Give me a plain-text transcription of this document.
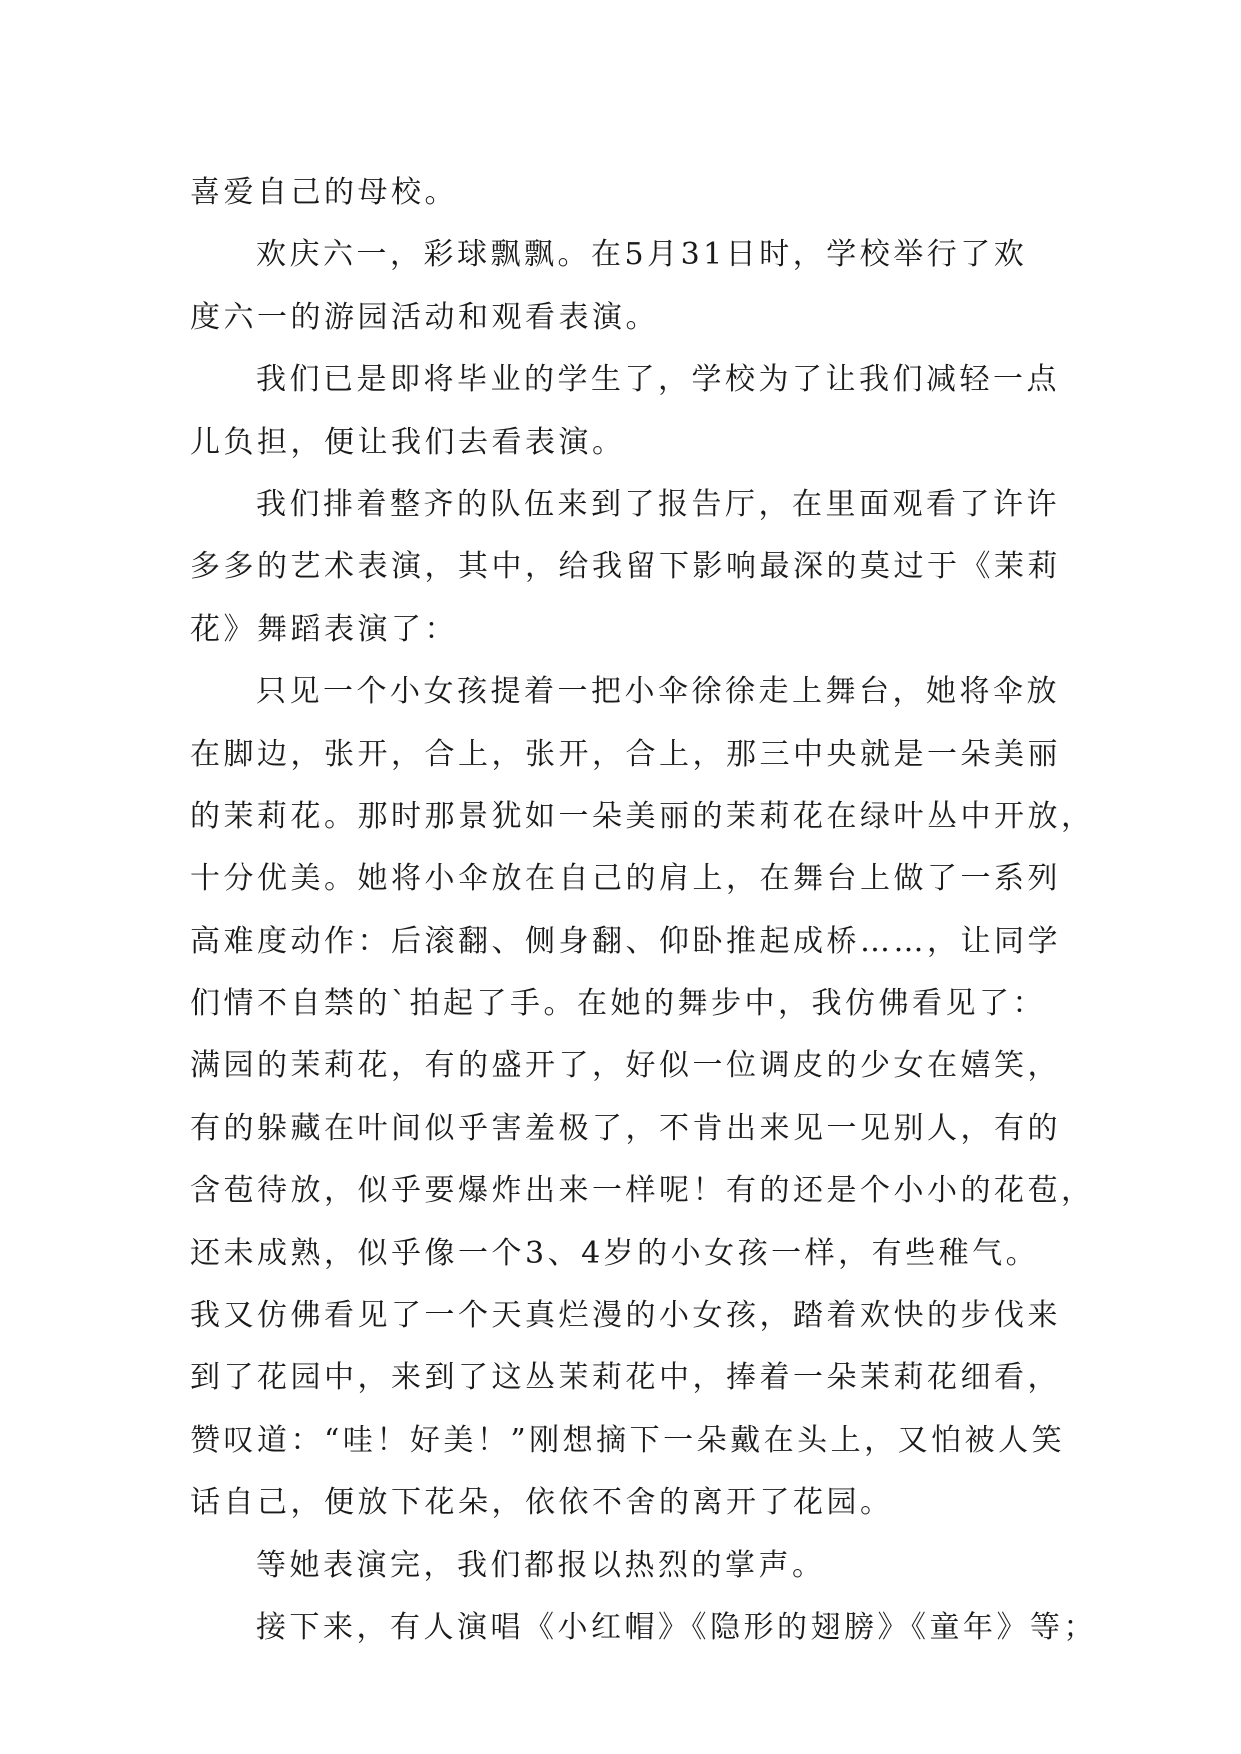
喜爱自己的母校。
欢庆六一，彩球飘飘。在5月31日时，学校举行了欢
度六一的游园活动和观看表演。
我们已是即将毕业的学生了，学校为了让我们减轻一点
儿负担，便让我们去看表演。
我们排着整齐的队伍来到了报告厅，在里面观看了许许
多多的艺术表演，其中，给我留下影响最深的莫过于《茉莉
花》舞蹈表演了：
只见一个小女孩提着一把小伞徐徐走上舞台，她将伞放
在脚边，张开，合上，张开，合上，那三中央就是一朵美丽
的茉莉花。那时那景犹如一朵美丽的茉莉花在绿叶丛中开放，
十分优美。她将小伞放在自己的肩上，在舞台上做了一系列
高难度动作：后滚翻、侧身翻、仰卧推起成桥……，让同学
们情不自禁的`拍起了手。在她的舞步中，我仿佛看见了：
满园的茉莉花，有的盛开了，好似一位调皮的少女在嬉笑，
有的躲藏在叶间似乎害羞极了，不肯出来见一见别人，有的
含苞待放，似乎要爆炸出来一样呢！有的还是个小小的花苞，
还未成熟，似乎像一个3、4岁的小女孩一样，有些稚气。
我又仿佛看见了一个天真烂漫的小女孩，踏着欢快的步伐来
到了花园中，来到了这丛茉莉花中，捧着一朵茉莉花细看，
赞叹道：“哇！好美！”刚想摘下一朵戴在头上，又怕被人笑
话自己，便放下花朵，依依不舍的离开了花园。
等她表演完，我们都报以热烈的掌声。
接下来，有人演唱《小红帽》《隐形的翅膀》《童年》等；
